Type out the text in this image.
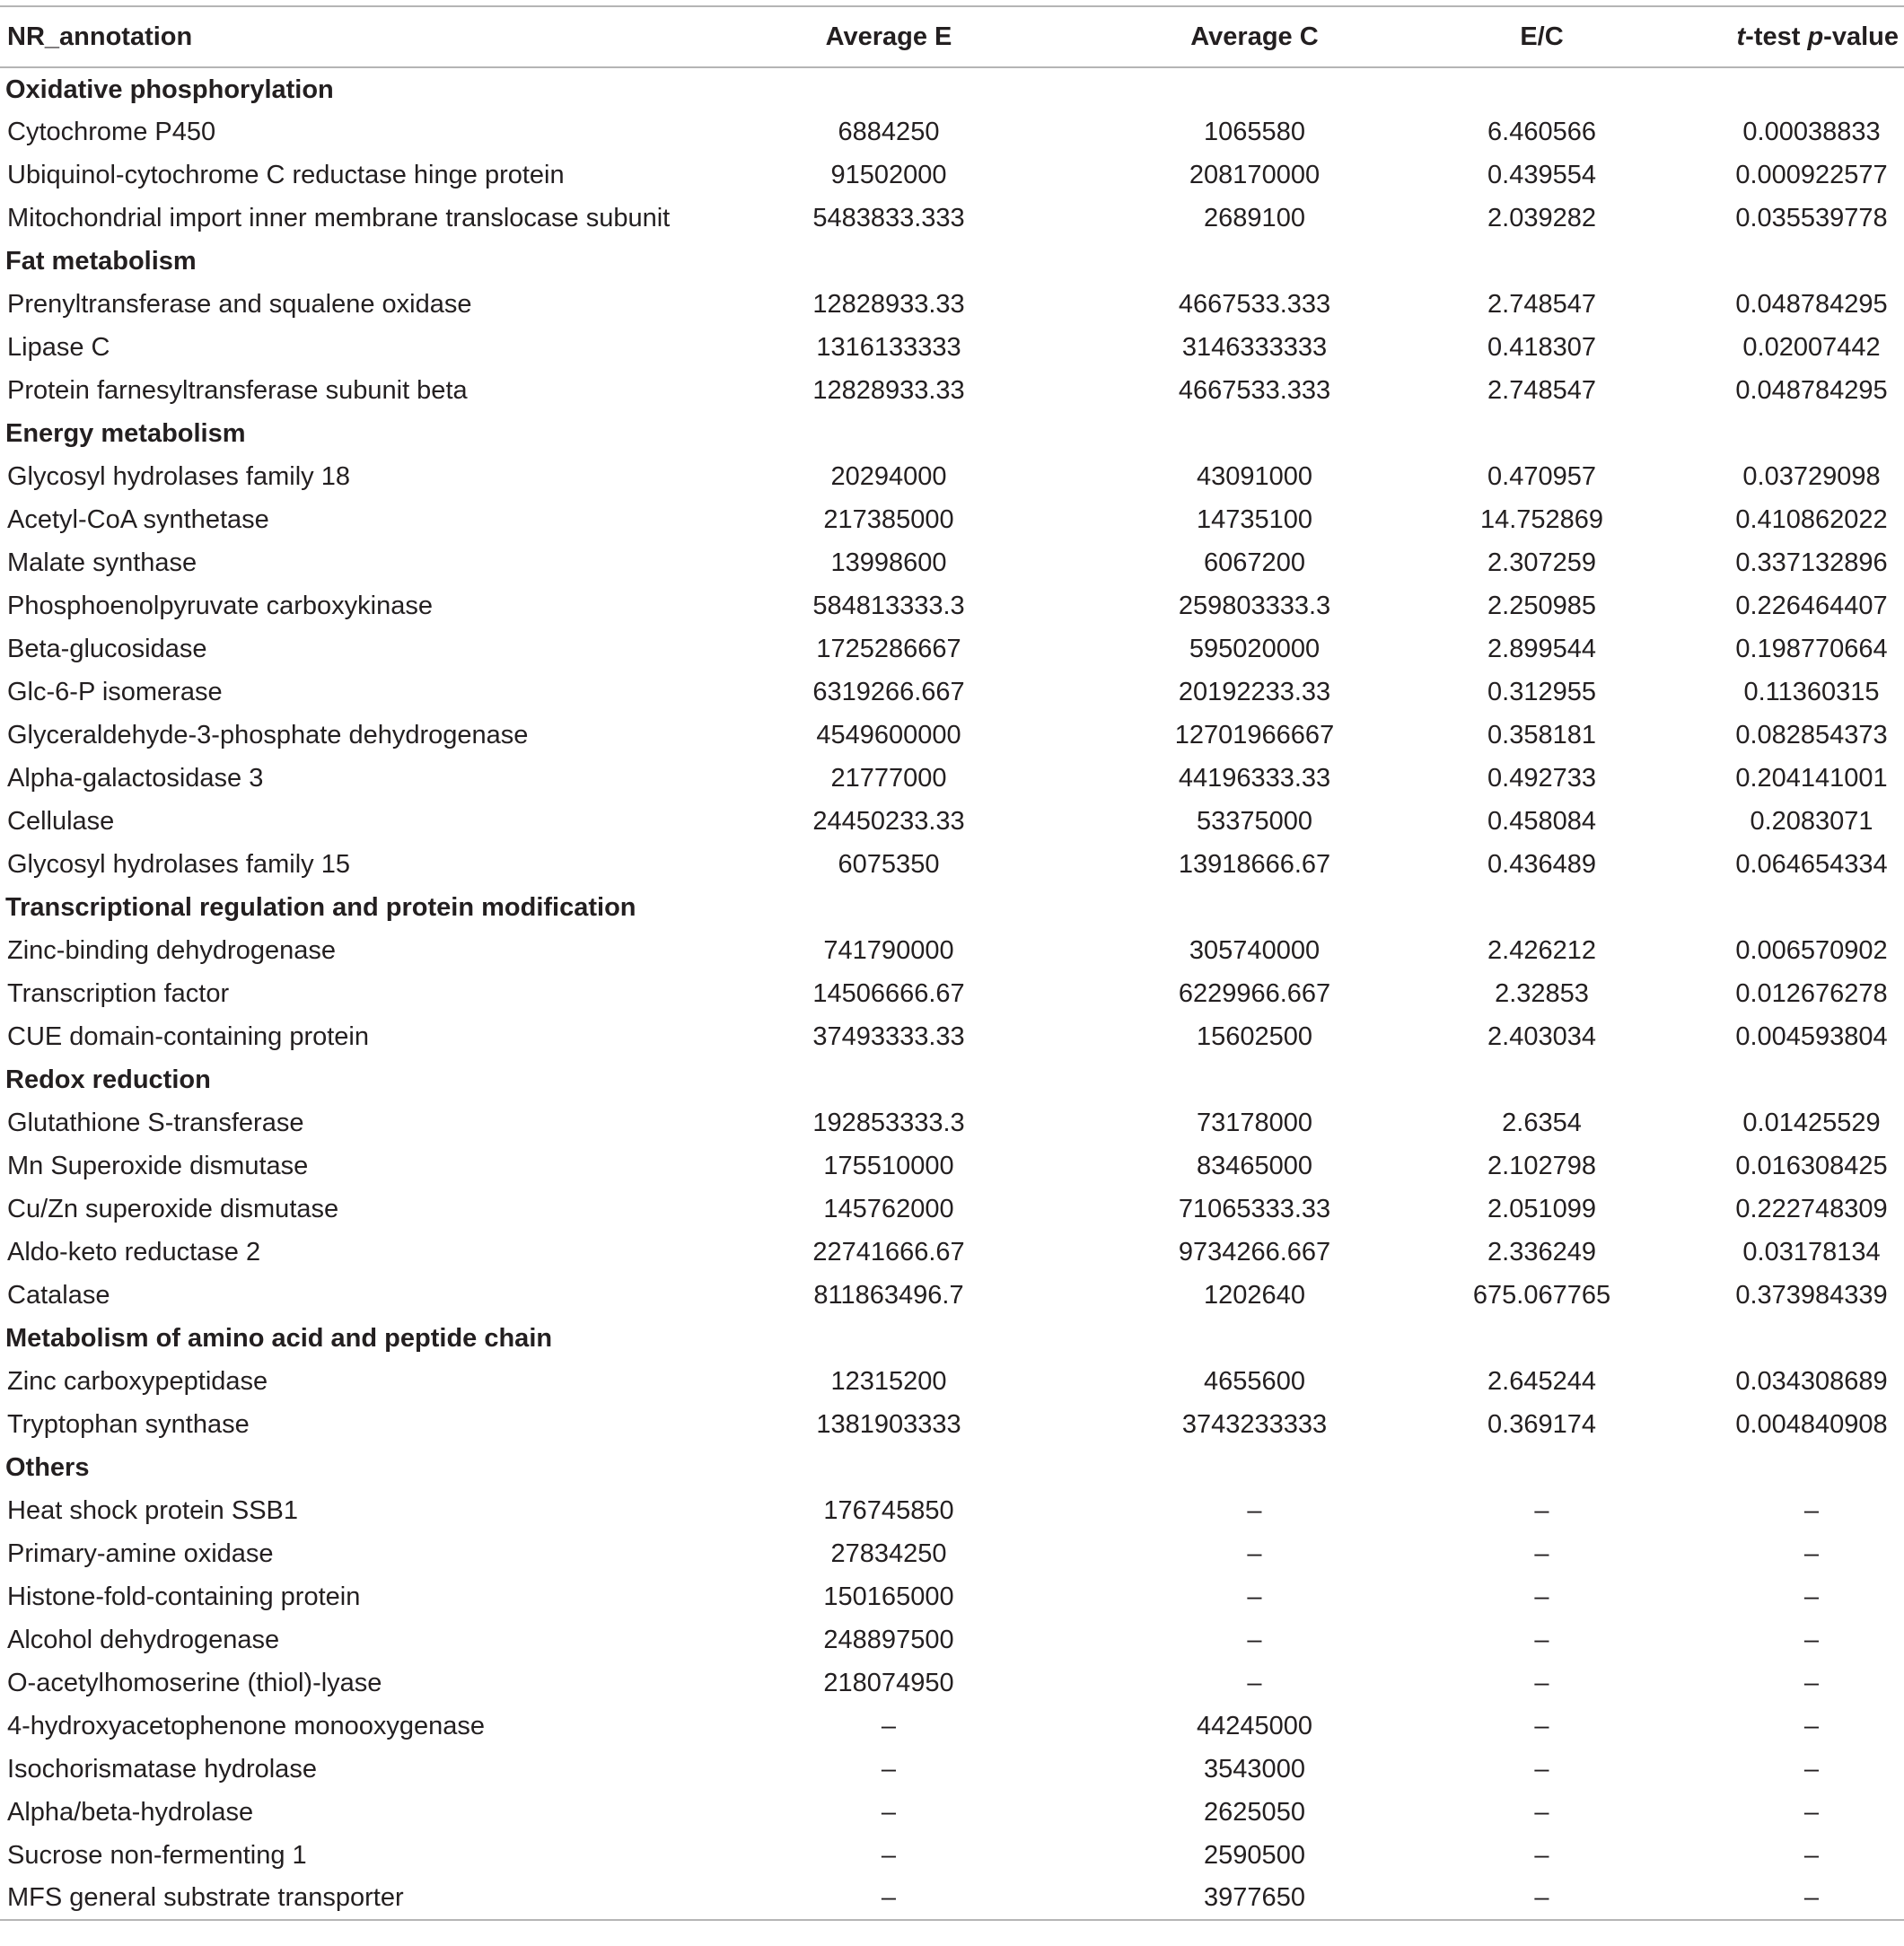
NR_annotation	Average E	Average C	E/C	t-test p-value
Oxidative phosphorylation				
Cytochrome P450	6884250	1065580	6.460566	0.00038833
Ubiquinol-cytochrome C reductase hinge protein	91502000	208170000	0.439554	0.000922577
Mitochondrial import inner membrane translocase subunit	5483833.333	2689100	2.039282	0.035539778
Fat metabolism				
Prenyltransferase and squalene oxidase	12828933.33	4667533.333	2.748547	0.048784295
Lipase C	1316133333	3146333333	0.418307	0.02007442
Protein farnesyltransferase subunit beta	12828933.33	4667533.333	2.748547	0.048784295
Energy metabolism				
Glycosyl hydrolases family 18	20294000	43091000	0.470957	0.03729098
Acetyl-CoA synthetase	217385000	14735100	14.752869	0.410862022
Malate synthase	13998600	6067200	2.307259	0.337132896
Phosphoenolpyruvate carboxykinase	584813333.3	259803333.3	2.250985	0.226464407
Beta-glucosidase	1725286667	595020000	2.899544	0.198770664
Glc-6-P isomerase	6319266.667	20192233.33	0.312955	0.11360315
Glyceraldehyde-3-phosphate dehydrogenase	4549600000	12701966667	0.358181	0.082854373
Alpha-galactosidase 3	21777000	44196333.33	0.492733	0.204141001
Cellulase	24450233.33	53375000	0.458084	0.2083071
Glycosyl hydrolases family 15	6075350	13918666.67	0.436489	0.064654334
Transcriptional regulation and protein modification				
Zinc-binding dehydrogenase	741790000	305740000	2.426212	0.006570902
Transcription factor	14506666.67	6229966.667	2.32853	0.012676278
CUE domain-containing protein	37493333.33	15602500	2.403034	0.004593804
Redox reduction				
Glutathione S-transferase	192853333.3	73178000	2.6354	0.01425529
Mn Superoxide dismutase	175510000	83465000	2.102798	0.016308425
Cu/Zn superoxide dismutase	145762000	71065333.33	2.051099	0.222748309
Aldo-keto reductase 2	22741666.67	9734266.667	2.336249	0.03178134
Catalase	811863496.7	1202640	675.067765	0.373984339
Metabolism of amino acid and peptide chain				
Zinc carboxypeptidase	12315200	4655600	2.645244	0.034308689
Tryptophan synthase	1381903333	3743233333	0.369174	0.004840908
Others				
Heat shock protein SSB1	176745850	–	–	–
Primary-amine oxidase	27834250	–	–	–
Histone-fold-containing protein	150165000	–	–	–
Alcohol dehydrogenase	248897500	–	–	–
O-acetylhomoserine (thiol)-lyase	218074950	–	–	–
4-hydroxyacetophenone monooxygenase	–	44245000	–	–
Isochorismatase hydrolase	–	3543000	–	–
Alpha/beta-hydrolase	–	2625050	–	–
Sucrose non-fermenting 1	–	2590500	–	–
MFS general substrate transporter	–	3977650	–	–
